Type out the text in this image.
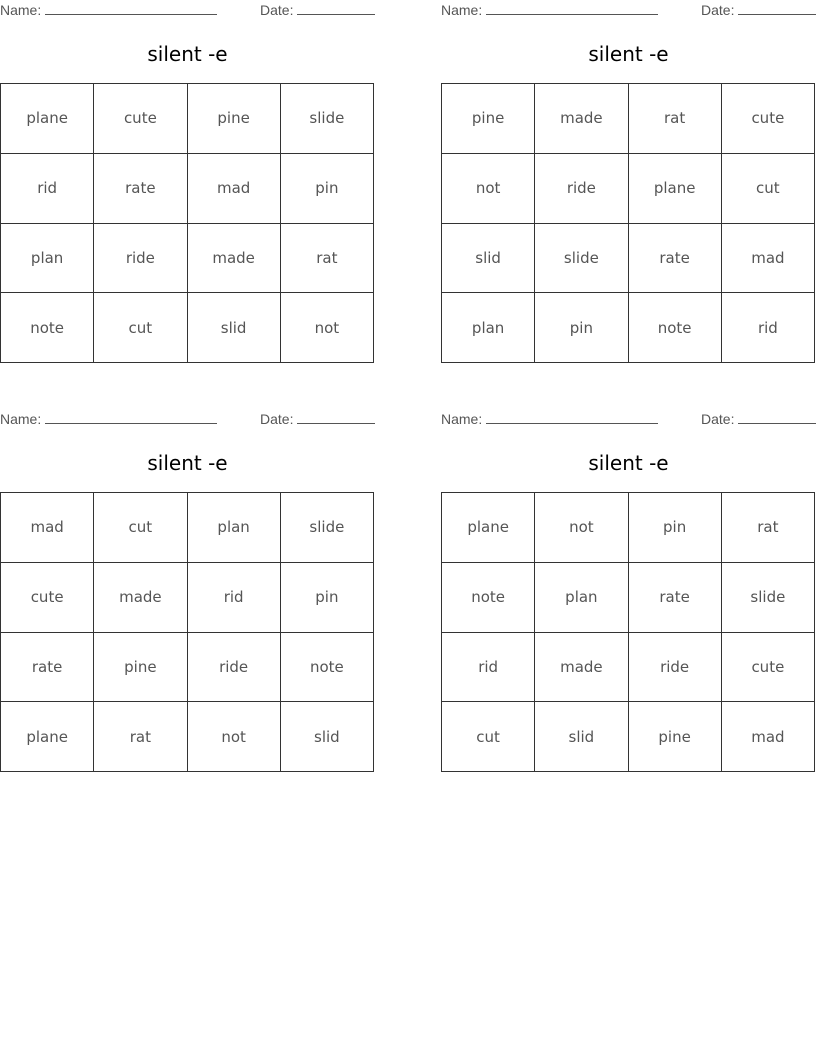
Name:	Date:
silent -e
plane	cute	pine	slide
rid	rate	mad	pin
plan	ride	made	rat
note	cut	slid	not
Name:	Date:
silent -e
pine	made	rat	cute
not	ride	plane	cut
slid	slide	rate	mad
plan	pin	note	rid
Name:	Date:
silent -e
mad	cut	plan	slide
cute	made	rid	pin
rate	pine	ride	note
plane	rat	not	slid
Name:	Date:
silent -e
plane	not	pin	rat
note	plan	rate	slide
rid	made	ride	cute
cut	slid	pine	mad
